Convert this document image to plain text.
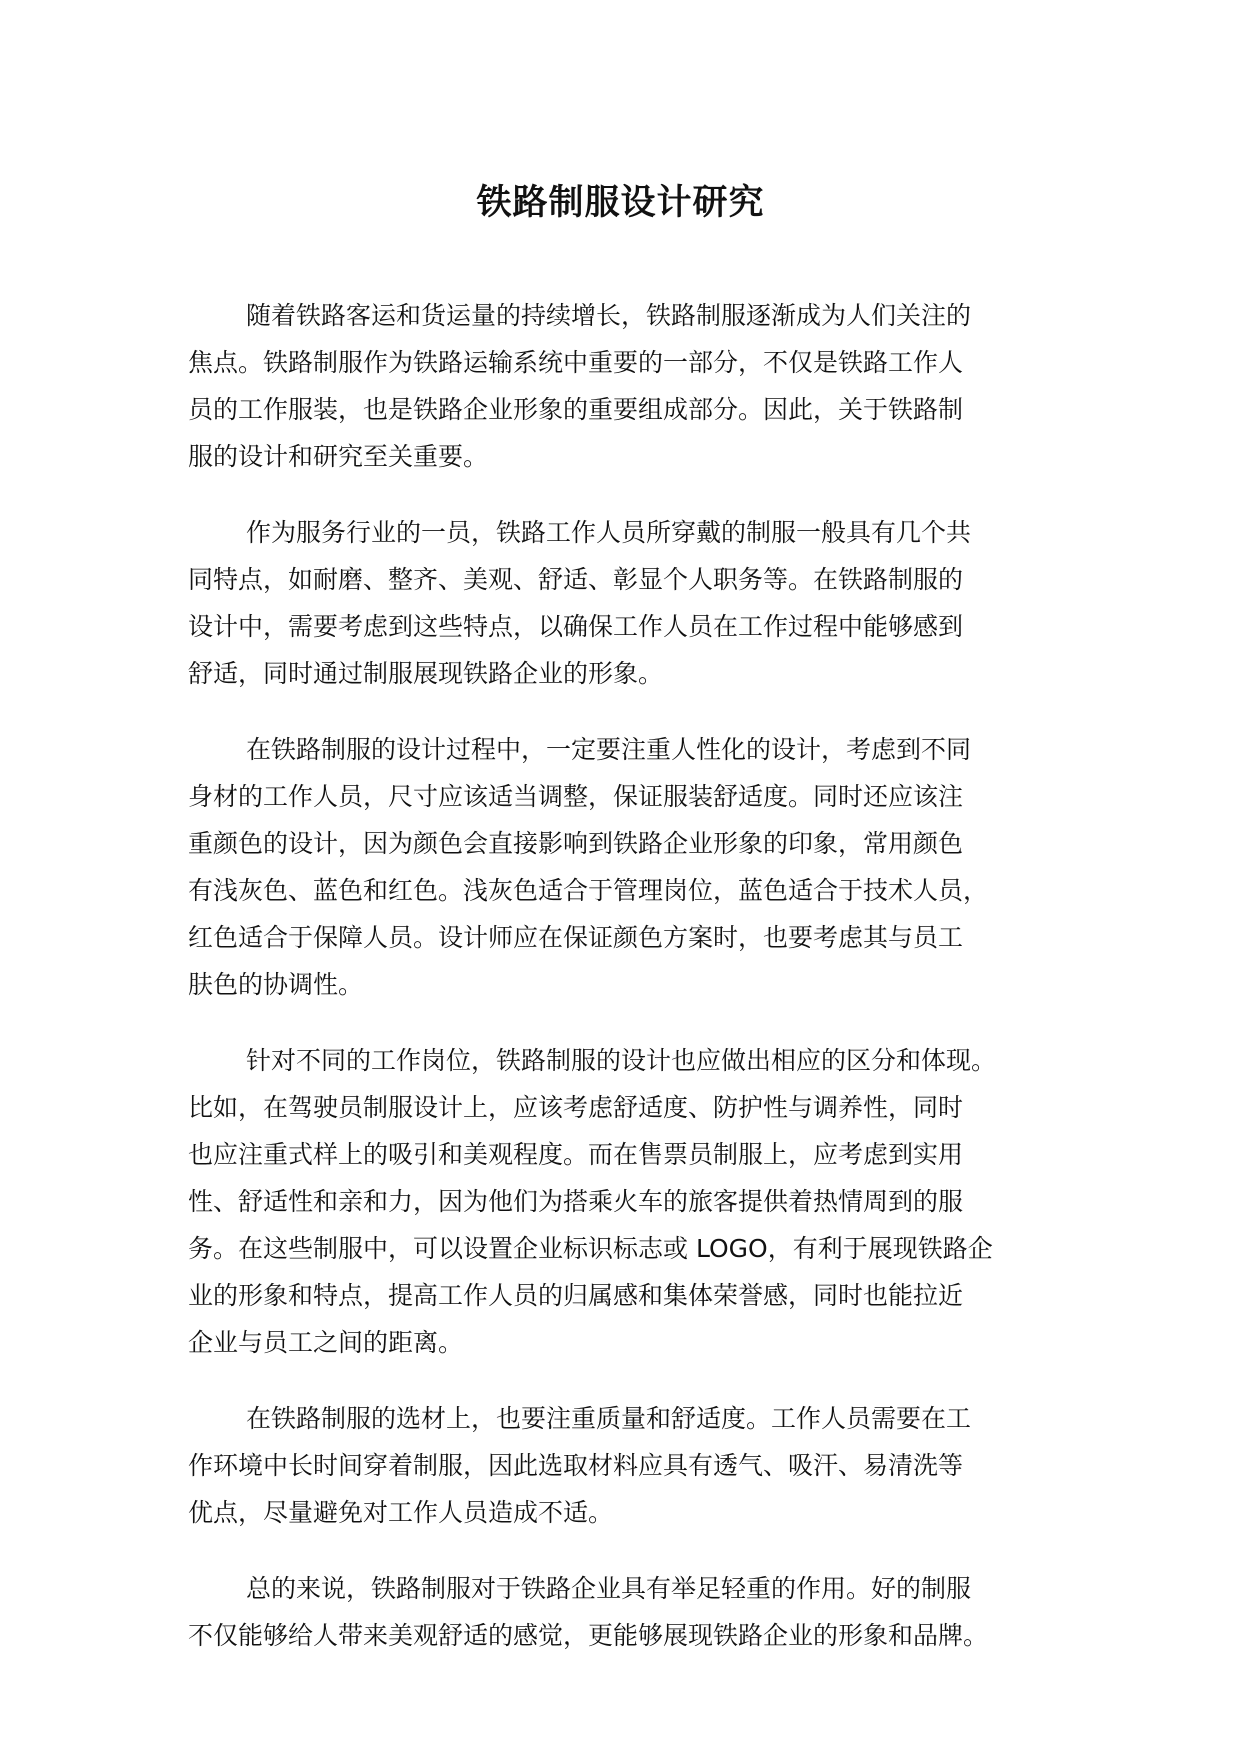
铁路制服设计研究

随着铁路客运和货运量的持续增长，铁路制服逐渐成为人们关注的
焦点。铁路制服作为铁路运输系统中重要的一部分，不仅是铁路工作人
员的工作服装，也是铁路企业形象的重要组成部分。因此，关于铁路制
服的设计和研究至关重要。

作为服务行业的一员，铁路工作人员所穿戴的制服一般具有几个共
同特点，如耐磨、整齐、美观、舒适、彰显个人职务等。在铁路制服的
设计中，需要考虑到这些特点，以确保工作人员在工作过程中能够感到
舒适，同时通过制服展现铁路企业的形象。

在铁路制服的设计过程中，一定要注重人性化的设计，考虑到不同
身材的工作人员，尺寸应该适当调整，保证服装舒适度。同时还应该注
重颜色的设计，因为颜色会直接影响到铁路企业形象的印象，常用颜色
有浅灰色、蓝色和红色。浅灰色适合于管理岗位，蓝色适合于技术人员，
红色适合于保障人员。设计师应在保证颜色方案时，也要考虑其与员工
肤色的协调性。

针对不同的工作岗位，铁路制服的设计也应做出相应的区分和体现。
比如，在驾驶员制服设计上，应该考虑舒适度、防护性与调养性，同时
也应注重式样上的吸引和美观程度。而在售票员制服上，应考虑到实用
性、舒适性和亲和力，因为他们为搭乘火车的旅客提供着热情周到的服
务。在这些制服中，可以设置企业标识标志或 LOGO，有利于展现铁路企
业的形象和特点，提高工作人员的归属感和集体荣誉感，同时也能拉近
企业与员工之间的距离。

在铁路制服的选材上，也要注重质量和舒适度。工作人员需要在工
作环境中长时间穿着制服，因此选取材料应具有透气、吸汗、易清洗等
优点，尽量避免对工作人员造成不适。

总的来说，铁路制服对于铁路企业具有举足轻重的作用。好的制服
不仅能够给人带来美观舒适的感觉，更能够展现铁路企业的形象和品牌。
